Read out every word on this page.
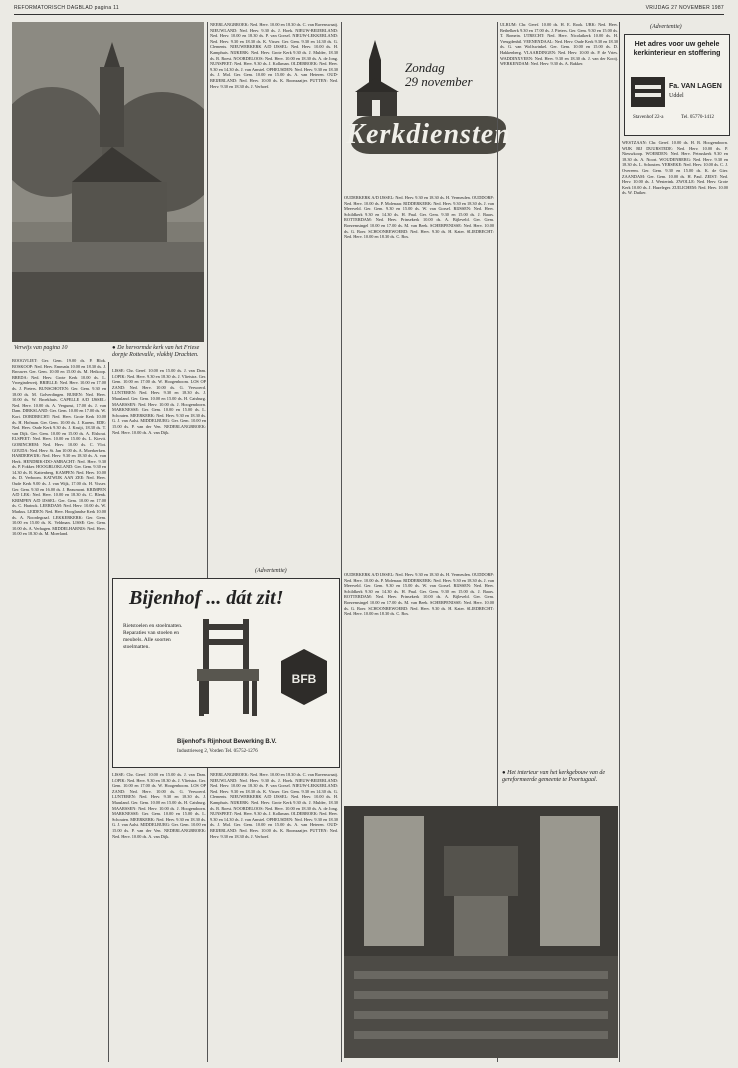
REFORMATORISCH DAGBLAD pagina 11	VRIJDAG 27 NOVEMBER 1987
Verwijs van pagina 10	● De hervormde kerk van het Friese dorpje Rottevalle, vlakbij Drachten.
Zondag
29 november
Kerkdiensten

BOOGVLIET: Ger. Gem. 19.00 ds. P. Blok. BOSKOOP: Ned. Herv. Emmaüs 10.00 en 18.30 ds. J. Brouwer. Ger. Gem. 10.00 en 15.00 ds. M. Heikoop. BREDA: Ned. Herv. Grote Kerk 10.00 ds. L. Vroegindeweij. BRIELLE: Ned. Herv. 10.00 en 17.00 ds. J. Pieters. BUNSCHOTEN: Ger. Gem. 9.30 en 18.00 ds. M. Golverdingen. BUREN: Ned. Herv. 10.00 ds. W. Broekhuis. CAPELLE A/D IJSSEL: Ned. Herv. 10.00 ds. A. Vergunst, 17.00 ds. J. van Dam. DIRKSLAND: Ger. Gem. 10.00 en 17.00 ds. W. Kort. DORDRECHT: Ned. Herv. Grote Kerk 10.00 ds. H. Hofman. Ger. Gem. 10.00 ds. J. Karens. EDE: Ned. Herv. Oude Kerk 9.30 ds. J. Kruijt, 18.30 ds. T. van Dijk. Ger. Gem. 10.00 en 15.00 ds. A. Elshout. ELSPEET: Ned. Herv. 10.00 en 15.00 ds. L. Kievit. GORINCHEM: Ned. Herv. 10.00 ds. C. Vlot. GOUDA: Ned. Herv. St. Jan 10.00 ds. A. Moerkerken. HARDERWIJK: Ned. Herv. 9.30 en 18.30 ds. A. van Herk. HENDRIK-IDO-AMBACHT: Ned. Herv. 9.30 ds. P. Fokker. HOOGBLOKLAND: Ger. Gem. 9.30 en 14.30 ds. R. Kattenberg. KAMPEN: Ned. Herv. 10.00 ds. D. Verboom. KATWIJK AAN ZEE: Ned. Herv. Oude Kerk 9.00 ds. J. van Wijk, 17.00 ds. H. Visser. Ger. Gem. 9.30 en 16.00 ds. J. Beaumont. KRIMPEN A/D LEK: Ned. Herv. 10.00 en 18.30 ds. C. Blenk. KRIMPEN A/D IJSSEL: Ger. Gem. 10.00 en 17.00 ds. C. Harinck. LEERDAM: Ned. Herv. 10.00 ds. W. Markus. LEIDEN: Ned. Herv. Hooglandse Kerk 10.00 ds. A. Noordegraaf. LEKKERKERK: Ger. Gem. 10.00 en 15.00 ds. K. Veldman. LISSE: Ger. Gem. 10.00 ds. A. Verhagen. MIDDELHARNIS: Ned. Herv. 10.00 en 18.30 ds. M. Moerland.

LISSE: Chr. Geref. 10.00 en 15.00 ds. J. van Dam. LOPIK: Ned. Herv. 9.30 en 18.30 ds. J. Vlietstra. Ger. Gem. 10.00 en 17.00 ds. W. Hoogenboom. LOS OP ZAND: Ned. Herv. 10.00 ds. G. Verwoerd. LUNTEREN: Ned. Herv. 9.30 en 18.30 ds. J. Maasland. Ger. Gem. 10.00 en 15.00 ds. H. Catsburg. MAARSSEN: Ned. Herv. 10.00 ds. J. Hoogendoorn. MARKNESSE: Ger. Gem. 10.00 en 15.00 ds. L. Schouten. MEERKERK: Ned. Herv. 9.30 en 18.30 ds. G. J. van Aalst. MIDDELBURG: Ger. Gem. 10.00 en 15.00 ds. P. van der Ven. NEDERLANGBROEK: Ned. Herv. 10.00 ds. A. van Dijk.

NEERLANGBROEK: Ned. Herv. 10.00 en 18.30 ds. C. van Ravenswaaij. NIEUWLAND: Ned. Herv. 9.30 ds. J. Hoek. NIEUW-BEIJERLAND: Ned. Herv. 10.00 en 18.30 ds. P. van Gorsel. NIEUW-LEKKERLAND: Ned. Herv. 9.30 en 18.30 ds. K. Visser. Ger. Gem. 9.30 en 14.30 ds. G. Clements. NIEUWERKERK A/D IJSSEL: Ned. Herv. 10.00 ds. H. Kamphuis. NIJKERK: Ned. Herv. Grote Kerk 9.30 ds. J. Mulder, 18.30 ds. B. Roest. NOORDELOOS: Ned. Herv. 10.00 en 18.30 ds. A. de Jong. NUNSPEET: Ned. Herv. 9.30 ds. J. Kolkman. OLDEBROEK: Ned. Herv. 9.30 en 14.30 ds. J. van Amstel. OPHEUSDEN: Ned. Herv. 9.30 en 18.30 ds. J. Mol. Ger. Gem. 10.00 en 15.00 ds. A. van Heteren. OUD-BEIJERLAND: Ned. Herv. 10.00 ds. K. Boonzaaijer. PUTTEN: Ned. Herv. 9.30 en 18.30 ds. J. Verhoef.

OUDERKERK A/D IJSSEL: Ned. Herv. 9.30 en 18.30 ds. H. Vermeulen. OUDDORP: Ned. Herv. 10.00 ds. P. Molenaar. RIDDERKERK: Ned. Herv. 9.30 en 18.30 ds. J. van Meerveld. Ger. Gem. 9.30 en 15.00 ds. W. van Gorsel. RIJSSEN: Ned. Herv. Schildkerk 9.30 en 14.30 ds. H. Paul. Ger. Gem. 9.30 en 15.00 ds. J. Baars. ROTTERDAM: Ned. Herv. Prinsekerk 10.00 ds. A. Bijleveld. Ger. Gem. Boezemsingel 10.00 en 17.00 ds. M. van Beek. SCHERPENISSE: Ned. Herv. 10.00 ds. G. Boer. SCHOONREWOERD: Ned. Herv. 9.30 ds. H. Kater. SLIEDRECHT: Ned. Herv. 10.00 en 18.30 ds. C. Bos.

ULRUM: Chr. Geref. 10.00 ds. H. E. Rook. URK: Ned. Herv. Bethelkerk 9.30 en 17.00 ds. J. Pieters. Ger. Gem. 9.30 en 15.00 ds. T. Romein. UTRECHT: Ned. Herv. Nicolaïkerk 10.00 ds. H. Vreugdenhil. VEENENDAAL: Ned. Herv. Oude Kerk 9.30 en 18.30 ds. G. van Wolfswinkel. Ger. Gem. 10.00 en 15.00 ds. D. Hakkenberg. VLAARDINGEN: Ned. Herv. 10.00 ds. P. de Vries. WADDINXVEEN: Ned. Herv. 9.30 en 18.30 ds. J. van der Kooij. WERKENDAM: Ned. Herv. 9.30 ds. A. Bakker.

WESTZAAN: Chr. Geref. 10.00 ds. H. B. Hoogendoorn. WIJK BIJ DUURSTEDE: Ned. Herv. 10.00 ds. P. Nieuwkoop. WOERDEN: Ned. Herv. Petruskerk 9.30 en 18.30 ds. A. Noort. WOUDENBERG: Ned. Herv. 9.30 en 18.30 ds. L. Schouten. YERSEKE: Ned. Herv. 10.00 ds. C. J. Overeem. Ger. Gem. 9.30 en 15.00 ds. K. de Gier. ZAANDAM: Ger. Gem. 10.00 ds. H. Paul. ZEIST: Ned. Herv. 10.00 ds. J. Westerink. ZWOLLE: Ned. Herv. Grote Kerk 10.00 ds. J. Hazeleger. ZUILICHEM: Ned. Herv. 10.00 ds. W. Duiker.

LISSE: Chr. Geref. 10.00 en 15.00 ds. J. van Dam. LOPIK: Ned. Herv. 9.30 en 18.30 ds. J. Vlietstra. Ger. Gem. 10.00 en 17.00 ds. W. Hoogenboom. LOS OP ZAND: Ned. Herv. 10.00 ds. G. Verwoerd. LUNTEREN: Ned. Herv. 9.30 en 18.30 ds. J. Maasland. Ger. Gem. 10.00 en 15.00 ds. H. Catsburg. MAARSSEN: Ned. Herv. 10.00 ds. J. Hoogendoorn. MARKNESSE: Ger. Gem. 10.00 en 15.00 ds. L. Schouten. MEERKERK: Ned. Herv. 9.30 en 18.30 ds. G. J. van Aalst. MIDDELBURG: Ger. Gem. 10.00 en 15.00 ds. P. van der Ven. NEDERLANGBROEK: Ned. Herv. 10.00 ds. A. van Dijk.

NEERLANGBROEK: Ned. Herv. 10.00 en 18.30 ds. C. van Ravenswaaij. NIEUWLAND: Ned. Herv. 9.30 ds. J. Hoek. NIEUW-BEIJERLAND: Ned. Herv. 10.00 en 18.30 ds. P. van Gorsel. NIEUW-LEKKERLAND: Ned. Herv. 9.30 en 18.30 ds. K. Visser. Ger. Gem. 9.30 en 14.30 ds. G. Clements. NIEUWERKERK A/D IJSSEL: Ned. Herv. 10.00 ds. H. Kamphuis. NIJKERK: Ned. Herv. Grote Kerk 9.30 ds. J. Mulder, 18.30 ds. B. Roest. NOORDELOOS: Ned. Herv. 10.00 en 18.30 ds. A. de Jong. NUNSPEET: Ned. Herv. 9.30 ds. J. Kolkman. OLDEBROEK: Ned. Herv. 9.30 en 14.30 ds. J. van Amstel. OPHEUSDEN: Ned. Herv. 9.30 en 18.30 ds. J. Mol. Ger. Gem. 10.00 en 15.00 ds. A. van Heteren. OUD-BEIJERLAND: Ned. Herv. 10.00 ds. K. Boonzaaijer. PUTTEN: Ned. Herv. 9.30 en 18.30 ds. J. Verhoef.

OUDERKERK A/D IJSSEL: Ned. Herv. 9.30 en 18.30 ds. H. Vermeulen. OUDDORP: Ned. Herv. 10.00 ds. P. Molenaar. RIDDERKERK: Ned. Herv. 9.30 en 18.30 ds. J. van Meerveld. Ger. Gem. 9.30 en 15.00 ds. W. van Gorsel. RIJSSEN: Ned. Herv. Schildkerk 9.30 en 14.30 ds. H. Paul. Ger. Gem. 9.30 en 15.00 ds. J. Baars. ROTTERDAM: Ned. Herv. Prinsekerk 10.00 ds. A. Bijleveld. Ger. Gem. Boezemsingel 10.00 en 17.00 ds. M. van Beek. SCHERPENISSE: Ned. Herv. 10.00 ds. G. Boer. SCHOONREWOERD: Ned. Herv. 9.30 ds. H. Kater. SLIEDRECHT: Ned. Herv. 10.00 en 18.30 ds. C. Bos.

(Advertentie)
Bijenhof ... dát zit!
Rietstoelen en stoelmatten. Reparaties van stoelen en meubels. Alle soorten stoelmatten.
BFB
Bijenhof's Rijnhout Bewerking B.V.
Industrieweg 2, Vorden Tel. 05752-1276
(Advertentie)
Het adres voor uw gehele kerkinterieur en stoffering
Fa. VAN LAGEN
Uddel
Stavenhof 22-a	Tel. 05770-1412
● Het interieur van het kerkgebouw van de gereformeerde gemeente te Poortugaal.
